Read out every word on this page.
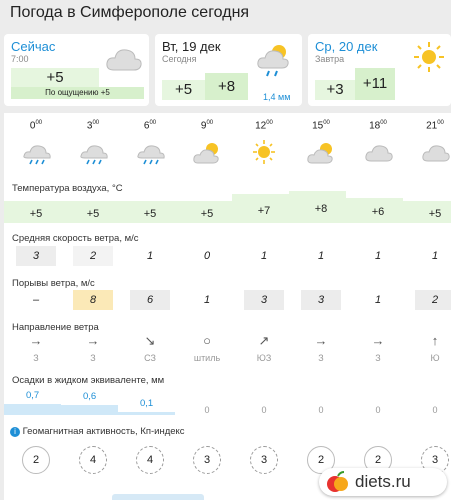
Погода в Симферополе сегодня
Сейчас
7:00
+5
По ощущению +5
Вт, 19 дек
Сегодня
+5	+8
1,4 мм
Ср, 20 дек
Завтра
+3	+11
Температура воздуха, °C
Средняя скорость ветра, м/с
Порывы ветра, м/с
Направление ветра
Осадки в жидком эквиваленте, мм
i Геомагнитная активность, Кп-индекс
$0^{00}$
+5
3
–
→
З
0,7
2
$3^{00}$
+5
2
8
→
З
0,6
4
$6^{00}$
+5
1
6
↘
СЗ
0,1
4
$9^{00}$
+5
0
1
○
штиль
0
3
$12^{00}$
+7
1
3
↗
ЮЗ
0
3
$15^{00}$
+8
1
3
→
З
0
2
$18^{00}$
+6
1
1
→
З
0
2
$21^{00}$
+5
1
2
↑
Ю
0
3
diets.ru
